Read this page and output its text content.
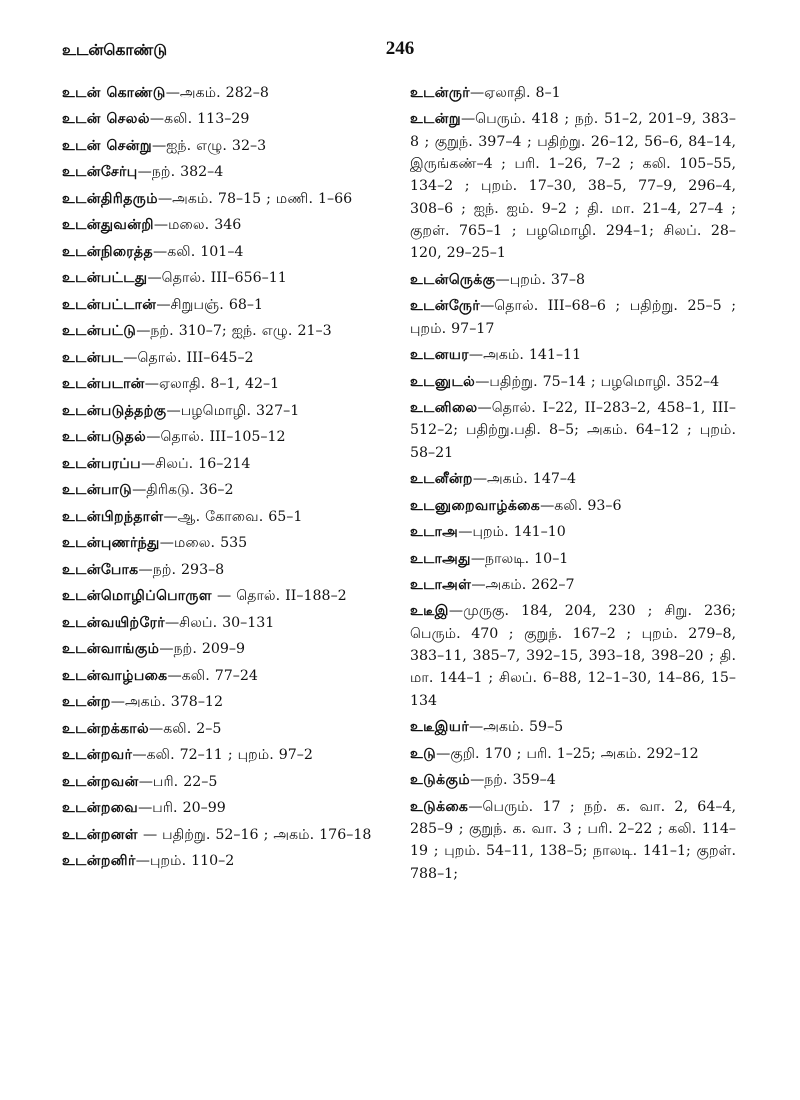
உடன்கொண்டு	246

உடன் கொண்டு—அகம். 282–8

உடன் செலல்—கலி. 113–29

உடன் சென்று—ஐந். எழு. 32–3

உடன்சேர்பு—நற். 382–4

உடன்திரிதரும்—அகம். 78–15 ; மணி. 1–66

உடன்துவன்றி—மலை. 346

உடன்நிரைத்த—கலி. 101–4

உடன்பட்டது—தொல். III–656–11

உடன்பட்டான்—சிறுபஞ். 68–1

உடன்பட்டு—நற். 310–7; ஐந். எழு. 21–3

உடன்பட—தொல். III–645–2

உடன்படான்—ஏலாதி. 8–1, 42–1

உடன்படுத்தற்கு—பழமொழி. 327–1

உடன்படுதல்—தொல். III–105–12

உடன்பரப்ப—சிலப். 16–214

உடன்பாடு—திரிகடு. 36–2

உடன்பிறந்தாள்—ஆ. கோவை. 65–1

உடன்புணர்ந்து—மலை. 535

உடன்போக—நற். 293–8

உடன்மொழிப்பொருள — தொல். II–188–2

உடன்வயிற்ரேர்—சிலப். 30–131

உடன்வாங்கும்—நற். 209–9

உடன்வாழ்பகை—கலி. 77–24

உடன்ற—அகம். 378–12

உடன்றக்கால்—கலி. 2–5

உடன்றவர்—கலி. 72–11 ; புறம். 97–2

உடன்றவன்—பரி. 22–5

உடன்றவை—பரி. 20–99

உடன்றனள் — பதிற்று. 52–16 ; அகம். 176–18

உடன்றனிர்—புறம். 110–2

உடன்ருர்—ஏலாதி. 8–1

உடன்று—பெரும். 418 ; நற். 51–2, 201–9, 383–8 ; குறுந். 397–4 ; பதிற்று. 26–12, 56–6, 84–14, இருங்கண்–4 ; பரி. 1–26, 7–2 ; கலி. 105–55, 134–2 ; புறம். 17–30, 38–5, 77–9, 296–4, 308–6 ; ஐந். ஐம். 9–2 ; தி. மா. 21–4, 27–4 ; குறள். 765–1 ; பழமொழி. 294–1; சிலப். 28–120, 29–25–1

உடன்ருெக்கு—புறம். 37–8

உடன்ருேர்—தொல். III–68–6 ; பதிற்று. 25–5 ; புறம். 97–17

உடனயர—அகம். 141–11

உடனுடல்—பதிற்று. 75–14 ; பழமொழி. 352–4

உடனிலை—தொல். I–22, II–283–2, 458–1, III–512–2; பதிற்று.பதி. 8–5; அகம். 64–12 ; புறம். 58–21

உடனீன்ற—அகம். 147–4

உடனுறைவாழ்க்கை—கலி. 93–6

உடாஅ—புறம். 141–10

உடாஅது—நாலடி. 10–1

உடாஅள்—அகம். 262–7

உடீஇ—முருகு. 184, 204, 230 ; சிறு. 236; பெரும். 470 ; குறுந். 167–2 ; புறம். 279–8, 383–11, 385–7, 392–15, 393–18, 398–20 ; தி. மா. 144–1 ; சிலப். 6–88, 12–1–30, 14–86, 15–134

உடீஇயர்—அகம். 59–5

உடு—குறி. 170 ; பரி. 1–25; அகம். 292–12

உடுக்கும்—நற். 359–4

உடுக்கை—பெரும். 17 ; நற். க. வா. 2, 64–4, 285–9 ; குறுந். க. வா. 3 ; பரி. 2–22 ; கலி. 114–19 ; புறம். 54–11, 138–5; நாலடி. 141–1; குறள். 788–1;
